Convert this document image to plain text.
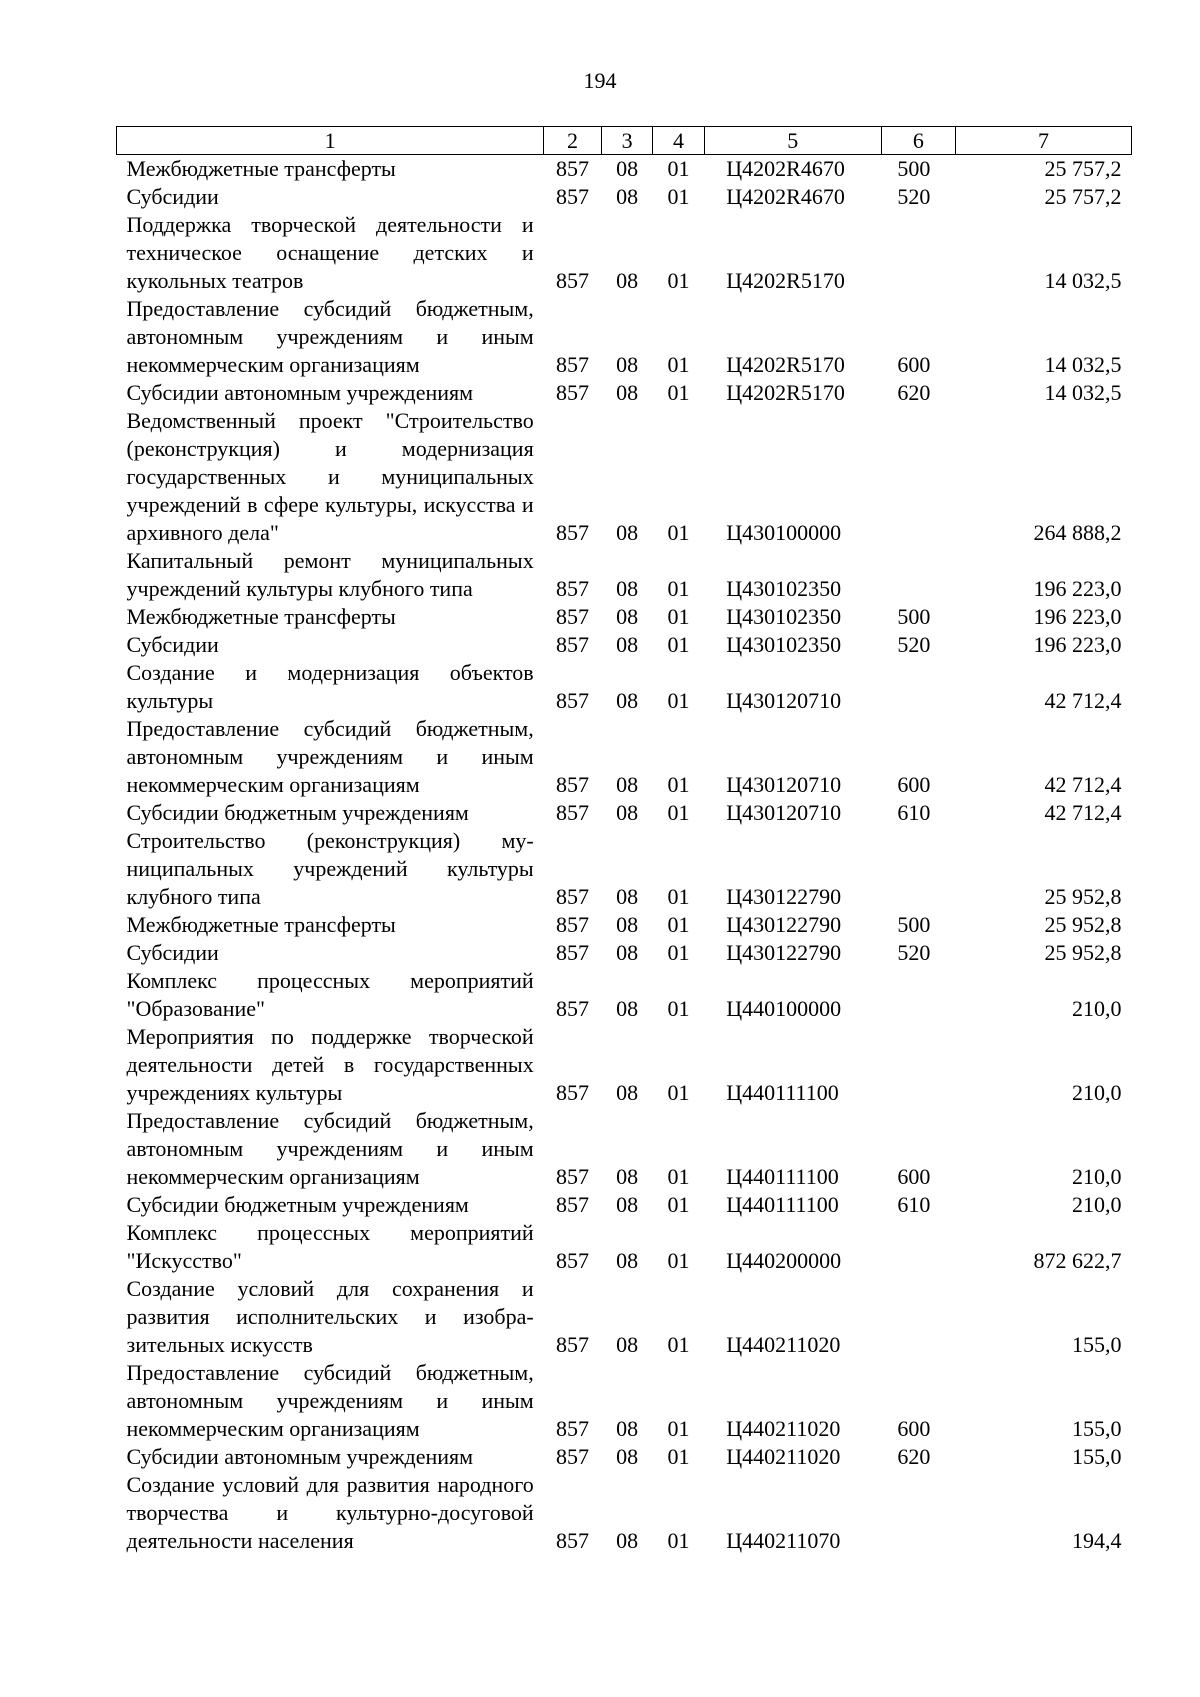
194
1	2	3	4	5	6	7
Межбюджетные трансферты	857	08	01	Ц4202R4670	500	25 757,2
Субсидии	857	08	01	Ц4202R4670	520	25 757,2
Поддержка творческой деятельности и техническое оснащение детских и кукольных театров	857	08	01	Ц4202R5170		14 032,5
Предоставление субсидий бюджетным, автономным учреждениям и иным некоммерческим организациям	857	08	01	Ц4202R5170	600	14 032,5
Субсидии автономным учреждениям	857	08	01	Ц4202R5170	620	14 032,5
Ведомственный проект "Строительство (реконструкция) и модернизация государственных и муниципальных учреждений в сфере культуры, искусства и архивного дела"	857	08	01	Ц430100000		264 888,2
Капитальный ремонт муниципальных учреждений культуры клубного типа	857	08	01	Ц430102350		196 223,0
Межбюджетные трансферты	857	08	01	Ц430102350	500	196 223,0
Субсидии	857	08	01	Ц430102350	520	196 223,0
Создание и модернизация объектов культуры	857	08	01	Ц430120710		42 712,4
Предоставление субсидий бюджетным, автономным учреждениям и иным некоммерческим организациям	857	08	01	Ц430120710	600	42 712,4
Субсидии бюджетным учреждениям	857	08	01	Ц430120710	610	42 712,4
Строительство (реконструкция) муниципальных учреждений культуры клубного типа	857	08	01	Ц430122790		25 952,8
Межбюджетные трансферты	857	08	01	Ц430122790	500	25 952,8
Субсидии	857	08	01	Ц430122790	520	25 952,8
Комплекс процессных мероприятий "Образование"	857	08	01	Ц440100000		210,0
Мероприятия по поддержке творческой деятельности детей в государственных учреждениях культуры	857	08	01	Ц440111100		210,0
Предоставление субсидий бюджетным, автономным учреждениям и иным некоммерческим организациям	857	08	01	Ц440111100	600	210,0
Субсидии бюджетным учреждениям	857	08	01	Ц440111100	610	210,0
Комплекс процессных мероприятий "Искусство"	857	08	01	Ц440200000		872 622,7
Создание условий для сохранения и развития исполнительских и изобразительных искусств	857	08	01	Ц440211020		155,0
Предоставление субсидий бюджетным, автономным учреждениям и иным некоммерческим организациям	857	08	01	Ц440211020	600	155,0
Субсидии автономным учреждениям	857	08	01	Ц440211020	620	155,0
Создание условий для развития народного творчества и культурно-досуговой деятельности населения	857	08	01	Ц440211070		194,4
